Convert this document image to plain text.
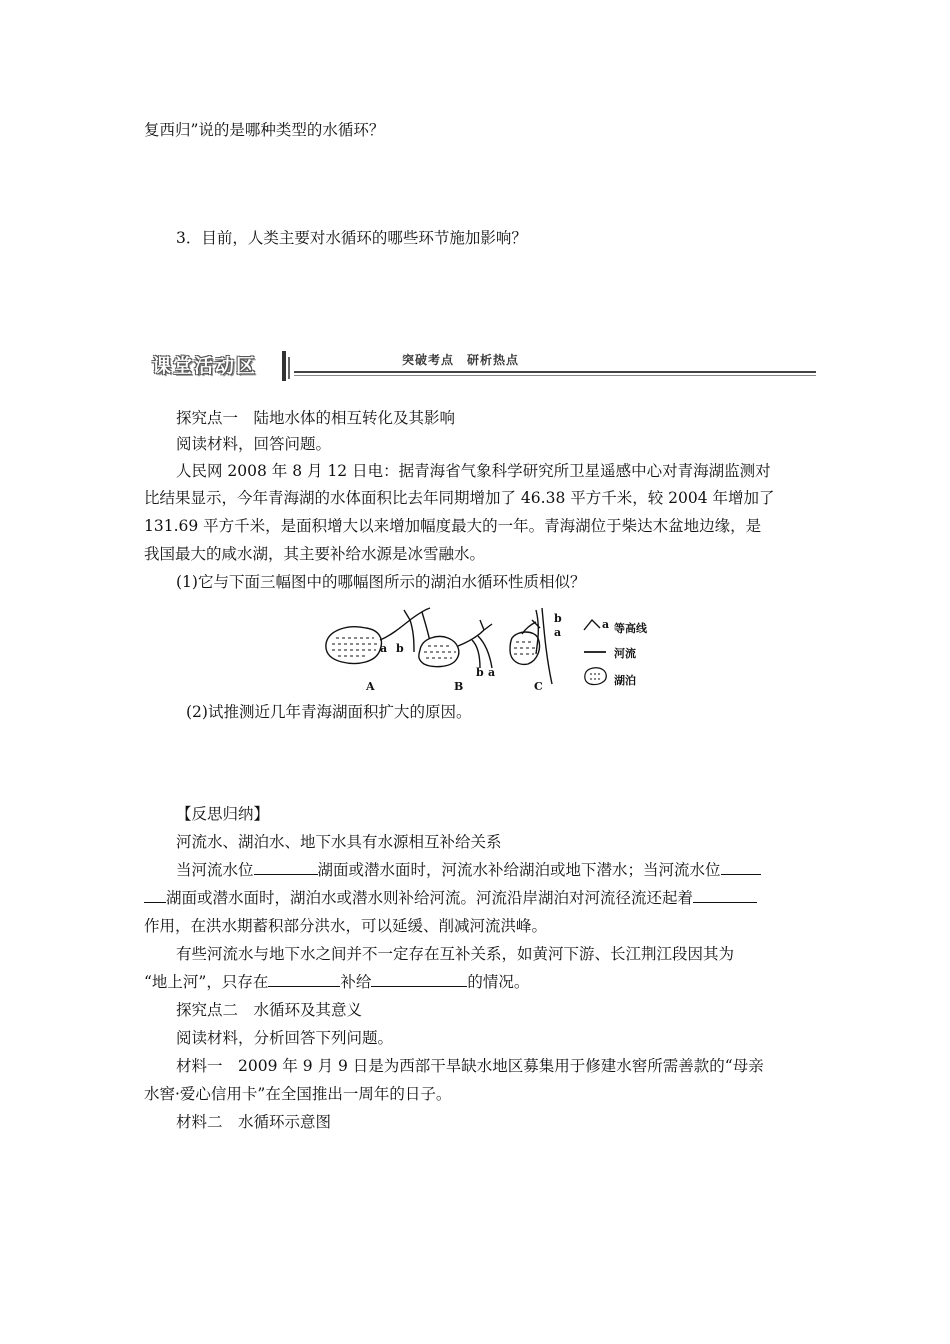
复西归”说的是哪种类型的水循环？
3．目前，人类主要对水循环的哪些环节施加影响？
课堂活动区	突破考点　研析热点
探究点一　陆地水体的相互转化及其影响
阅读材料，回答问题。
人民网 2008 年 8 月 12 日电：据青海省气象科学研究所卫星遥感中心对青海湖监测对
比结果显示，今年青海湖的水体面积比去年同期增加了 46.38 平方千米，较 2004 年增加了
131.69 平方千米，是面积增大以来增加幅度最大的一年。青海湖位于柴达木盆地边缘，是
我国最大的咸水湖，其主要补给水源是冰雪融水。
(1)它与下面三幅图中的哪幅图所示的湖泊水循环性质相似？
a b
b a
b
a
A	B	C
a 等高线
河流
湖泊
(2)试推测近几年青海湖面积扩大的原因。
【反思归纳】
河流水、湖泊水、地下水具有水源相互补给关系
当河流水位	湖面或潜水面时，河流水补给湖泊或地下潜水；当河流水位
湖面或潜水面时，湖泊水或潜水则补给河流。河流沿岸湖泊对河流径流还起着
作用，在洪水期蓄积部分洪水，可以延缓、削减河流洪峰。
有些河流水与地下水之间并不一定存在互补关系，如黄河下游、长江荆江段因其为
“地上河”，只存在	补给	的情况。
探究点二　水循环及其意义
阅读材料，分析回答下列问题。
材料一　2009 年 9 月 9 日是为西部干旱缺水地区募集用于修建水窖所需善款的“母亲
水窖·爱心信用卡”在全国推出一周年的日子。
材料二　水循环示意图
